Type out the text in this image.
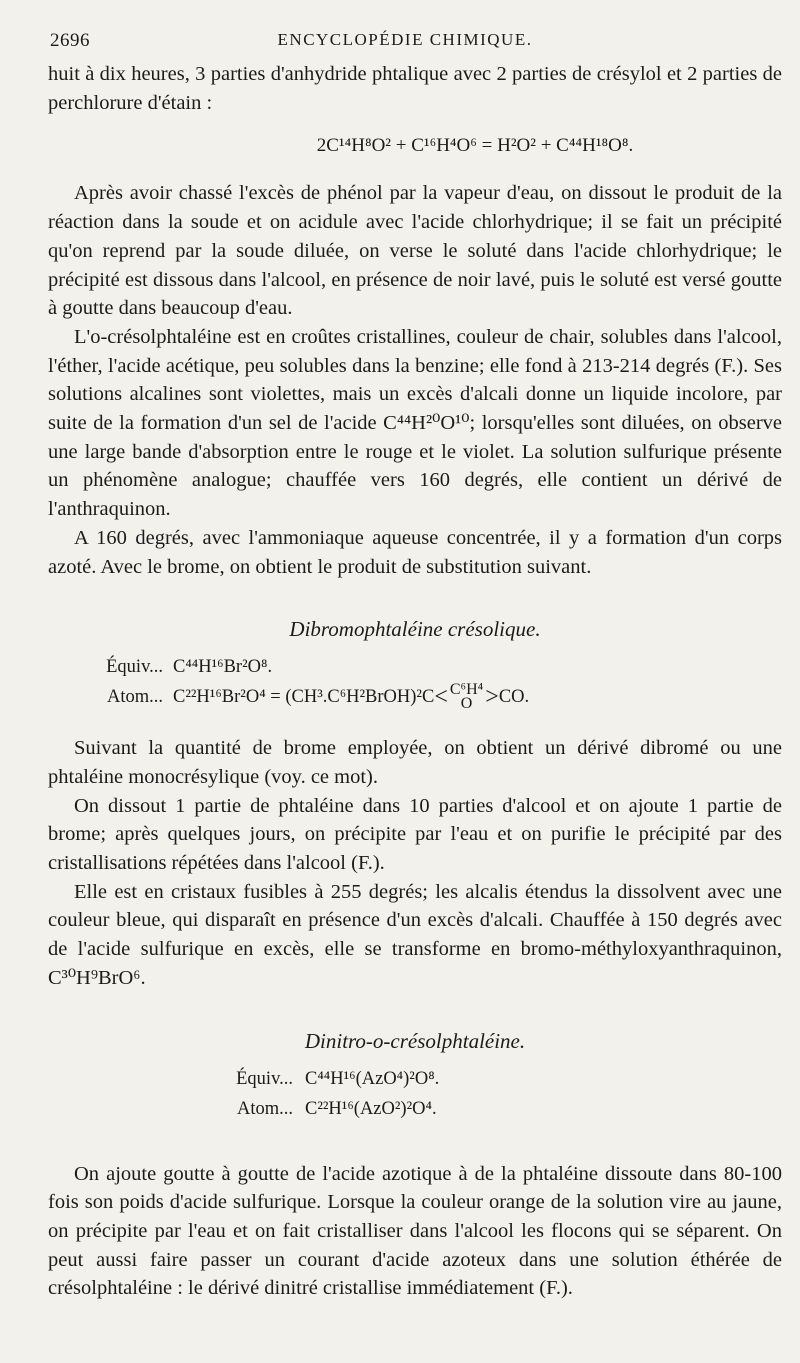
2696	ENCYCLOPÉDIE CHIMIQUE.

huit à dix heures, 3 parties d'anhydride phtalique avec 2 parties de crésylol et 2 parties de perchlorure d'étain :

2C¹⁴H⁸O² + C¹⁶H⁴O⁶ = H²O² + C⁴⁴H¹⁸O⁸.

Après avoir chassé l'excès de phénol par la vapeur d'eau, on dissout le produit de la réaction dans la soude et on acidule avec l'acide chlorhydrique; il se fait un précipité qu'on reprend par la soude diluée, on verse le soluté dans l'acide chlorhydrique; le précipité est dissous dans l'alcool, en présence de noir lavé, puis le soluté est versé goutte à goutte dans beaucoup d'eau.

L'o-crésolphtaléine est en croûtes cristallines, couleur de chair, solubles dans l'alcool, l'éther, l'acide acétique, peu solubles dans la benzine; elle fond à 213-214 degrés (F.). Ses solutions alcalines sont violettes, mais un excès d'alcali donne un liquide incolore, par suite de la formation d'un sel de l'acide C⁴⁴H²⁰O¹⁰; lorsqu'elles sont diluées, on observe une large bande d'absorption entre le rouge et le violet. La solution sulfurique présente un phénomène analogue; chauffée vers 160 degrés, elle contient un dérivé de l'anthraquinon.

A 160 degrés, avec l'ammoniaque aqueuse concentrée, il y a formation d'un corps azoté. Avec le brome, on obtient le produit de substitution suivant.

Dibromophtaléine crésolique.
Équiv... C⁴⁴H¹⁶Br²O⁸.
Atom... C²²H¹⁶Br²O⁴ = (CH³.C⁶H²BrOH)²C < C⁶H⁴
O > CO.

Suivant la quantité de brome employée, on obtient un dérivé dibromé ou une phtaléine monocrésylique (voy. ce mot).

On dissout 1 partie de phtaléine dans 10 parties d'alcool et on ajoute 1 partie de brome; après quelques jours, on précipite par l'eau et on purifie le précipité par des cristallisations répétées dans l'alcool (F.).

Elle est en cristaux fusibles à 255 degrés; les alcalis étendus la dissolvent avec une couleur bleue, qui disparaît en présence d'un excès d'alcali. Chauffée à 150 degrés avec de l'acide sulfurique en excès, elle se transforme en bromo-méthyloxyanthraquinon, C³⁰H⁹BrO⁶.

Dinitro-o-crésolphtaléine.
Équiv... C⁴⁴H¹⁶(AzO⁴)²O⁸.
Atom... C²²H¹⁶(AzO²)²O⁴.

On ajoute goutte à goutte de l'acide azotique à de la phtaléine dissoute dans 80-100 fois son poids d'acide sulfurique. Lorsque la couleur orange de la solution vire au jaune, on précipite par l'eau et on fait cristalliser dans l'alcool les flocons qui se séparent. On peut aussi faire passer un courant d'acide azoteux dans une solution éthérée de crésolphtaléine : le dérivé dinitré cristallise immédiatement (F.).
